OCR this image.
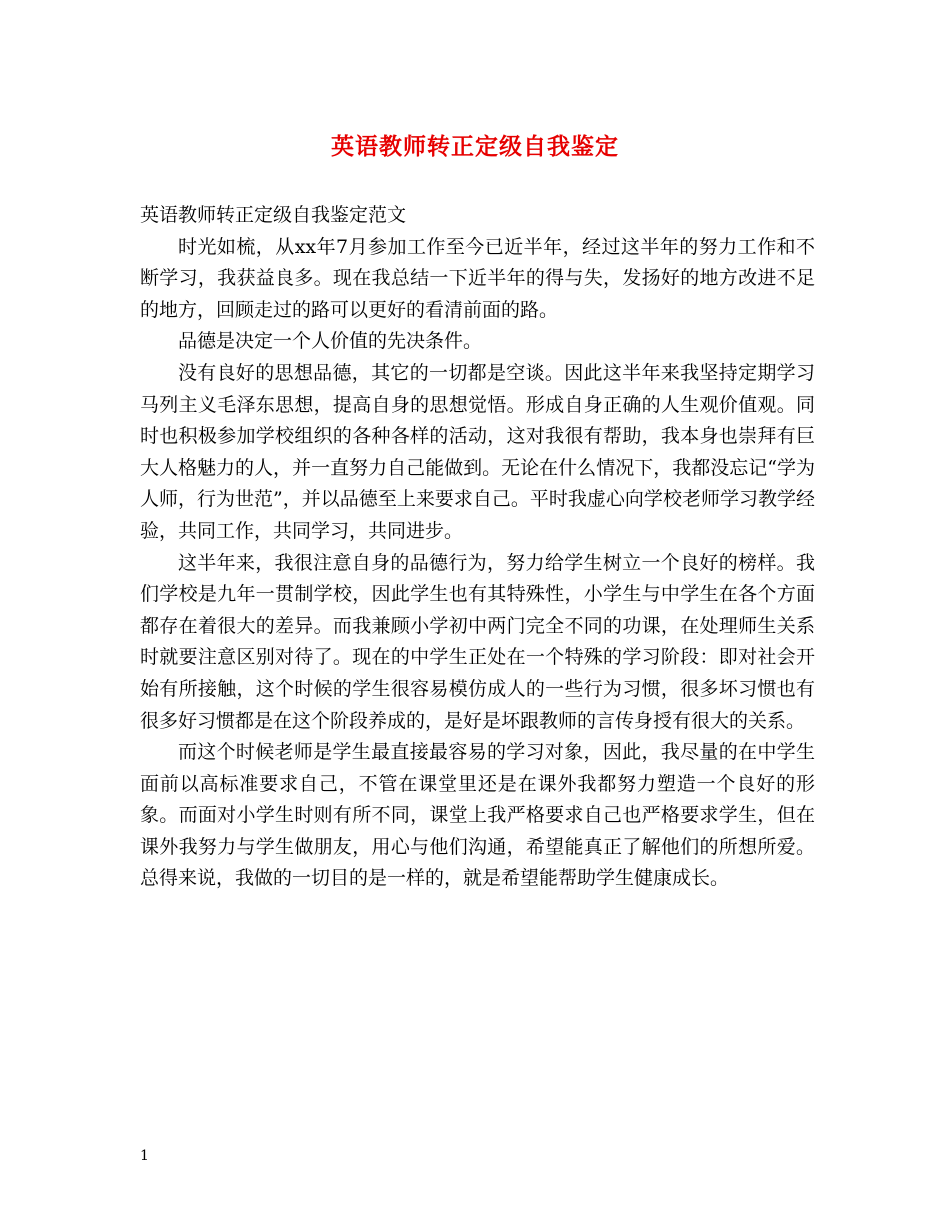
英语教师转正定级自我鉴定

英语教师转正定级自我鉴定范文

时光如梳，从xx年7月参加工作至今已近半年，经过这半年的努力工作和不断学习，我获益良多。现在我总结一下近半年的得与失，发扬好的地方改进不足的地方，回顾走过的路可以更好的看清前面的路。

品德是决定一个人价值的先决条件。

没有良好的思想品德，其它的一切都是空谈。因此这半年来我坚持定期学习马列主义毛泽东思想，提高自身的思想觉悟。形成自身正确的人生观价值观。同时也积极参加学校组织的各种各样的活动，这对我很有帮助，我本身也崇拜有巨大人格魅力的人，并一直努力自己能做到。无论在什么情况下，我都没忘记“学为人师，行为世范”，并以品德至上来要求自己。平时我虚心向学校老师学习教学经验，共同工作，共同学习，共同进步。

这半年来，我很注意自身的品德行为，努力给学生树立一个良好的榜样。我们学校是九年一贯制学校，因此学生也有其特殊性，小学生与中学生在各个方面都存在着很大的差异。而我兼顾小学初中两门完全不同的功课，在处理师生关系时就要注意区别对待了。现在的中学生正处在一个特殊的学习阶段：即对社会开始有所接触，这个时候的学生很容易模仿成人的一些行为习惯，很多坏习惯也有很多好习惯都是在这个阶段养成的，是好是坏跟教师的言传身授有很大的关系。

而这个时候老师是学生最直接最容易的学习对象，因此，我尽量的在中学生面前以高标准要求自己，不管在课堂里还是在课外我都努力塑造一个良好的形象。而面对小学生时则有所不同，课堂上我严格要求自己也严格要求学生，但在课外我努力与学生做朋友，用心与他们沟通，希望能真正了解他们的所想所爱。总得来说，我做的一切目的是一样的，就是希望能帮助学生健康成长。

1
